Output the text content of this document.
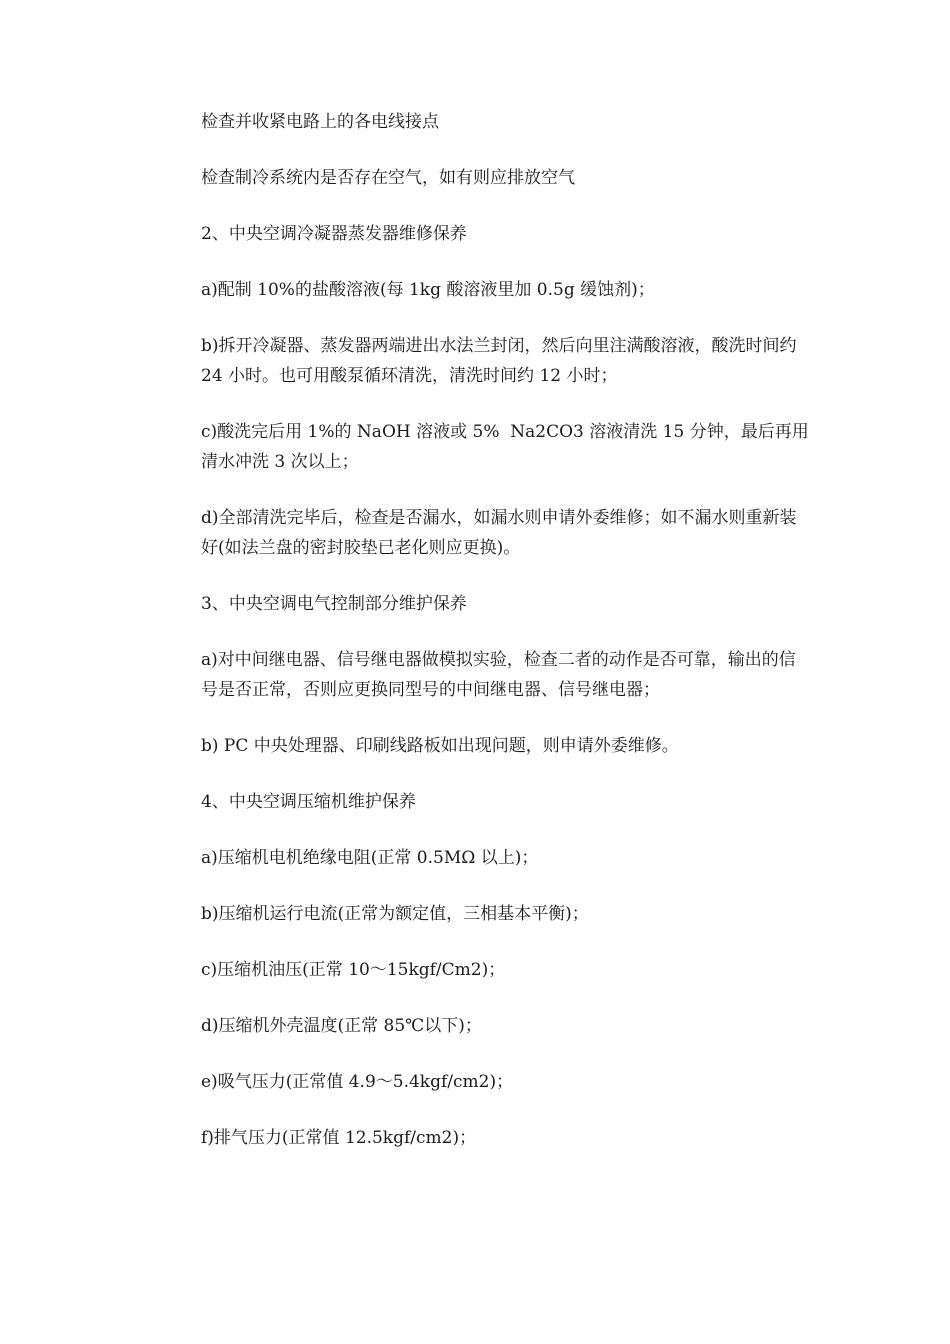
检查并收紧电路上的各电线接点

检查制冷系统内是否存在空气，如有则应排放空气

2、中央空调冷凝器蒸发器维修保养

a)配制 10%的盐酸溶液(每 1kg 酸溶液里加 0.5g 缓蚀剂)；

b)拆开冷凝器、蒸发器两端进出水法兰封闭，然后向里注满酸溶液，酸洗时间约 24 小时。也可用酸泵循环清洗，清洗时间约 12 小时；

c)酸洗完后用 1%的 NaOH 溶液或 5%  Na2CO3 溶液清洗 15 分钟，最后再用清水冲洗 3 次以上；

d)全部清洗完毕后，检查是否漏水，如漏水则申请外委维修；如不漏水则重新装好(如法兰盘的密封胶垫已老化则应更换)。

3、中央空调电气控制部分维护保养

a)对中间继电器、信号继电器做模拟实验，检查二者的动作是否可靠，输出的信号是否正常，否则应更换同型号的中间继电器、信号继电器；

b) PC 中央处理器、印刷线路板如出现问题，则申请外委维修。

4、中央空调压缩机维护保养

a)压缩机电机绝缘电阻(正常 0.5MΩ 以上)；

b)压缩机运行电流(正常为额定值，三相基本平衡)；

c)压缩机油压(正常 10～15kgf/Cm2)；

d)压缩机外壳温度(正常 85℃以下)；

e)吸气压力(正常值 4.9～5.4kgf/cm2)；

f)排气压力(正常值 12.5kgf/cm2)；
